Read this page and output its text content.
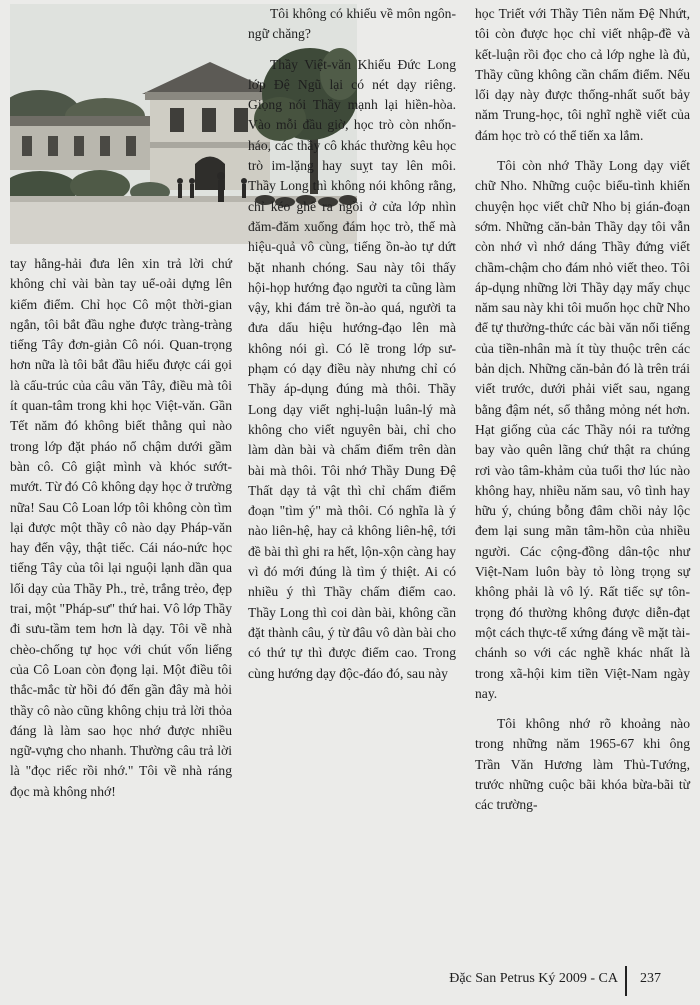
tay hằng-hải đưa lên xin trả lời chứ không chỉ vài bàn tay uể-oải dựng lên kiếm điểm. Chỉ học Cô một thời-gian ngắn, tôi bắt đầu nghe được tràng-tràng tiếng Tây đơn-giản Cô nói. Quan-trọng hơn nữa là tôi bắt đầu hiểu được cái gọi là cấu-trúc của câu văn Tây, điều mà tôi ít quan-tâm trong khi học Việt-văn. Gần Tết năm đó không biết thằng quỉ nào trong lớp đặt pháo nổ chậm dưới gầm bàn cô. Cô giật mình và khóc sướt-mướt. Từ đó Cô không dạy học ở trường nữa! Sau Cô Loan lớp tôi không còn tìm lại được một thầy cô nào dạy Pháp-văn hay đến vậy, thật tiếc. Cái náo-nức học tiếng Tây của tôi lại nguội lạnh dần qua lối dạy của Thầy Ph., trẻ, trắng trẻo, đẹp trai, một "Pháp-sư" thứ hai. Vô lớp Thầy đi sưu-tầm tem hơn là dạy. Tôi về nhà chèo-chống tự học với chút vốn liếng của Cô Loan còn đọng lại. Một điều tôi thắc-mắc từ hồi đó đến gần đây mà hỏi thầy cô nào cũng không chịu trả lời thỏa đáng là làm sao học nhớ được nhiều ngữ-vựng cho nhanh. Thường câu trả lời là "đọc riếc rồi nhớ." Tôi về nhà ráng đọc mà không nhớ!

Tôi không có khiếu về môn ngôn-ngữ chăng?

Thầy Việt-văn Khiếu Đức Long lớp Đệ Ngũ lại có nét dạy riêng. Giọng nói Thầy mạnh lại hiền-hòa. Vào mỗi đầu giờ, học trò còn nhốn-háo, các thầy cô khác thường kêu học trò im-lặng hay suỵt tay lên môi. Thầy Long thì không nói không rằng, chỉ kéo ghế ra ngồi ở cửa lớp nhìn đăm-đăm xuống đám học trò, thế mà hiệu-quả vô cùng, tiếng ồn-ào tự dứt bặt nhanh chóng. Sau này tôi thấy hội-họp hướng đạo người ta cũng làm vậy, khi đám trẻ ồn-ào quá, người ta đưa dấu hiệu hướng-đạo lên mà không nói gì. Có lẽ trong lớp sư-phạm có dạy điều này nhưng chỉ có Thầy áp-dụng đúng mà thôi. Thầy Long dạy viết nghị-luận luân-lý mà không cho viết nguyên bài, chỉ cho làm dàn bài và chấm điểm trên dàn bài mà thôi. Tôi nhớ Thầy Dung Đệ Thất dạy tả vật thì chỉ chấm điểm đoạn "tìm ý" mà thôi. Có nghĩa là ý nào liên-hệ, hay cả không liên-hệ, tới đề bài thì ghi ra hết, lộn-xộn càng hay vì đó mới đúng là tìm ý thiệt. Ai có nhiều ý thì Thầy chấm điểm cao. Thầy Long thì coi dàn bài, không cần đặt thành câu, ý từ đâu vô dàn bài cho có thứ tự thì được điểm cao. Trong cùng hướng dạy độc-đáo đó, sau này

học Triết với Thầy Tiên năm Đệ Nhứt, tôi còn được học chỉ viết nhập-đề và kết-luận rồi đọc cho cả lớp nghe là đủ, Thầy cũng không cần chấm điểm. Nếu lối dạy này được thống-nhất suốt bảy năm Trung-học, tôi nghĩ nghề viết của đám học trò có thể tiến xa lắm.

Tôi còn nhớ Thầy Long dạy viết chữ Nho. Những cuộc biểu-tình khiến chuyện học viết chữ Nho bị gián-đoạn sớm. Những căn-bản Thầy dạy tôi vẫn còn nhớ vì nhớ dáng Thầy đứng viết chầm-chậm cho đám nhỏ viết theo. Tôi áp-dụng những lời Thầy dạy mấy chục năm sau này khi tôi muốn học chữ Nho để tự thưởng-thức các bài văn nổi tiếng của tiền-nhân mà ít tùy thuộc trên các bản dịch. Những căn-bản đó là trên trái viết trước, dưới phải viết sau, ngang bằng đậm nét, sổ thẳng mỏng nét hơn. Hạt giống của các Thầy nói ra tưởng bay vào quên lãng chứ thật ra chúng rơi vào tâm-khảm của tuổi thơ lúc nào không hay, nhiều năm sau, vô tình hay hữu ý, chúng bỗng đâm chồi nảy lộc đem lại sung mãn tâm-hồn của nhiều người. Các cộng-đồng dân-tộc như Việt-Nam luôn bày tỏ lòng trọng sự không phải là vô lý. Rất tiếc sự tôn-trọng đó thường không được diễn-đạt một cách thực-tế xứng đáng về mặt tài-chánh so với các nghề khác nhất là trong xã-hội kim tiền Việt-Nam ngày nay.

Tôi không nhớ rõ khoảng nào trong những năm 1965-67 khi ông Trần Văn Hương làm Thủ-Tướng, trước những cuộc bãi khóa bừa-bãi từ các trường-

Đặc San Petrus Ký 2009 - CA 237
